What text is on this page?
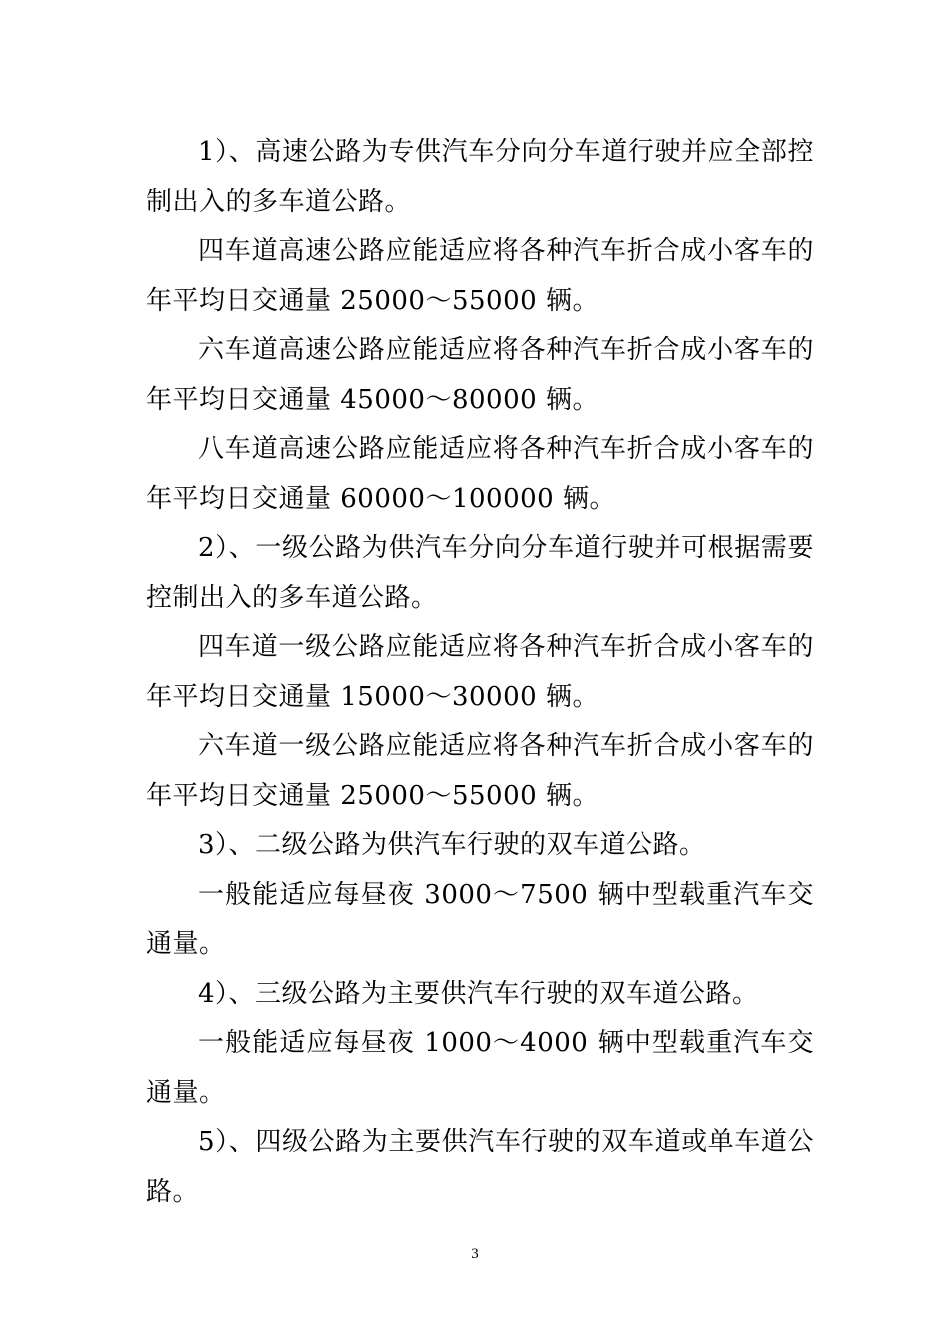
1）、高速公路为专供汽车分向分车道行驶并应全部控制出入的多车道公路。

四车道高速公路应能适应将各种汽车折合成小客车的年平均日交通量 25000～55000 辆。

六车道高速公路应能适应将各种汽车折合成小客车的年平均日交通量 45000～80000 辆。

八车道高速公路应能适应将各种汽车折合成小客车的年平均日交通量 60000～100000 辆。

2）、一级公路为供汽车分向分车道行驶并可根据需要控制出入的多车道公路。

四车道一级公路应能适应将各种汽车折合成小客车的年平均日交通量 15000～30000 辆。

六车道一级公路应能适应将各种汽车折合成小客车的年平均日交通量 25000～55000 辆。

3）、二级公路为供汽车行驶的双车道公路。

一般能适应每昼夜 3000～7500 辆中型载重汽车交通量。

4）、三级公路为主要供汽车行驶的双车道公路。

一般能适应每昼夜 1000～4000 辆中型载重汽车交通量。

5）、四级公路为主要供汽车行驶的双车道或单车道公路。

3
